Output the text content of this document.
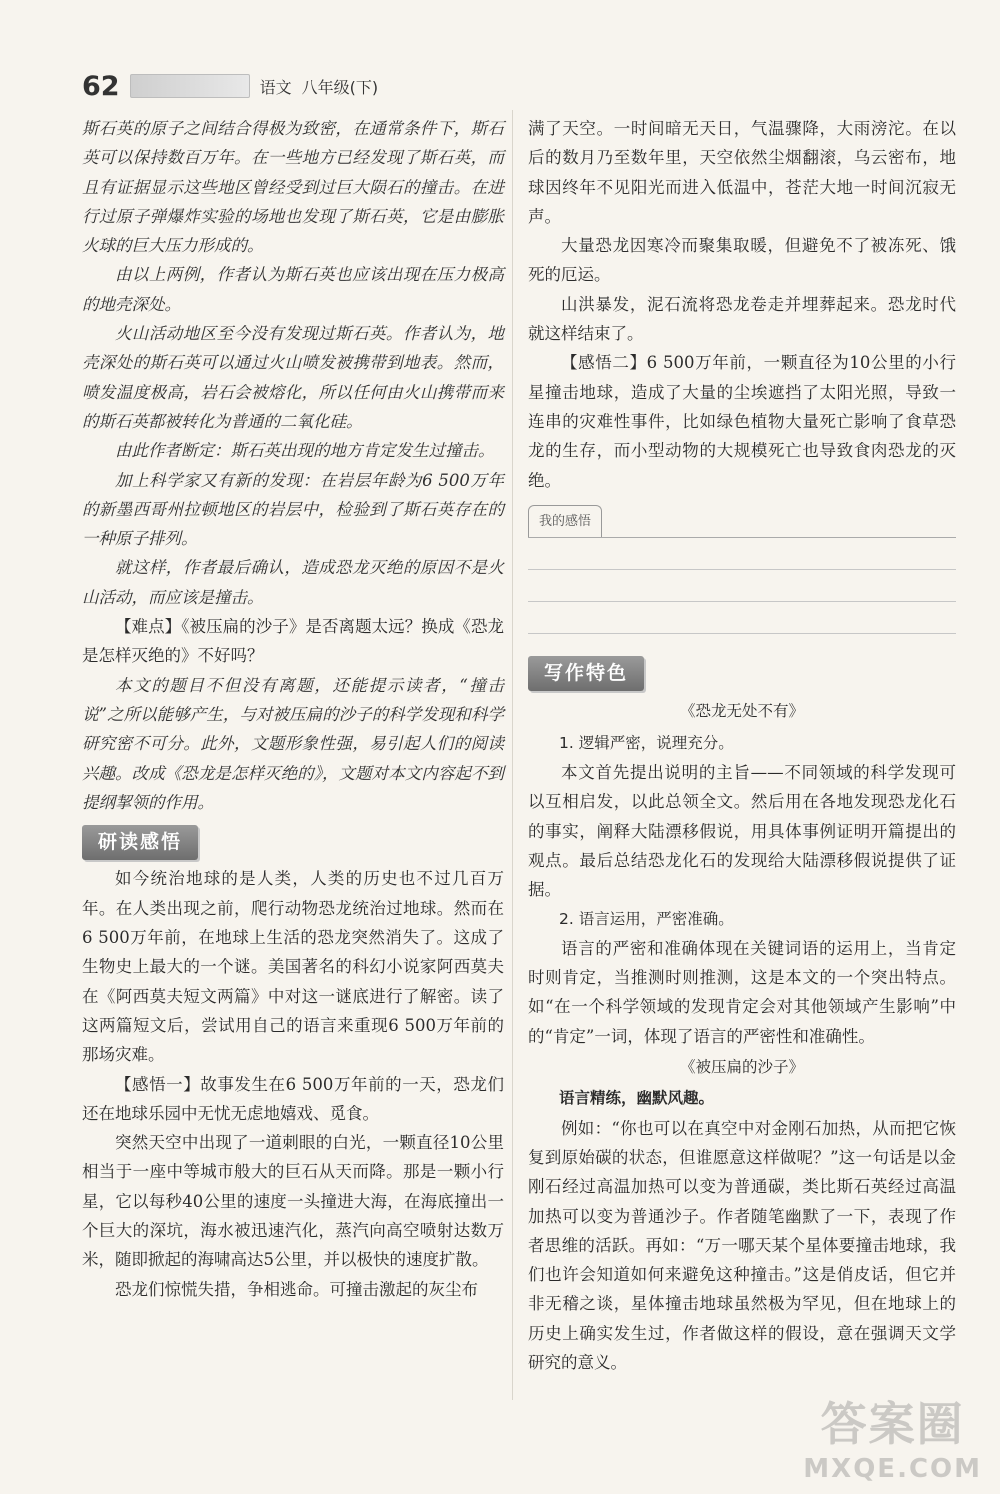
62	语文 八年级(下)

斯石英的原子之间结合得极为致密，在通常条件下，斯石英可以保持数百万年。在一些地方已经发现了斯石英，而且有证据显示这些地区曾经受到过巨大陨石的撞击。在进行过原子弹爆炸实验的场地也发现了斯石英，它是由膨胀火球的巨大压力形成的。

由以上两例，作者认为斯石英也应该出现在压力极高的地壳深处。

火山活动地区至今没有发现过斯石英。作者认为，地壳深处的斯石英可以通过火山喷发被携带到地表。然而，喷发温度极高，岩石会被熔化，所以任何由火山携带而来的斯石英都被转化为普通的二氧化硅。

由此作者断定：斯石英出现的地方肯定发生过撞击。

加上科学家又有新的发现：在岩层年龄为6 500万年的新墨西哥州拉顿地区的岩层中，检验到了斯石英存在的一种原子排列。

就这样，作者最后确认，造成恐龙灭绝的原因不是火山活动，而应该是撞击。

【难点】《被压扁的沙子》是否离题太远？换成《恐龙是怎样灭绝的》不好吗？

本文的题目不但没有离题，还能提示读者，“撞击说”之所以能够产生，与对被压扁的沙子的科学发现和科学研究密不可分。此外，文题形象性强，易引起人们的阅读兴趣。改成《恐龙是怎样灭绝的》，文题对本文内容起不到提纲挈领的作用。

研读感悟

如今统治地球的是人类，人类的历史也不过几百万年。在人类出现之前，爬行动物恐龙统治过地球。然而在6 500万年前，在地球上生活的恐龙突然消失了。这成了生物史上最大的一个谜。美国著名的科幻小说家阿西莫夫在《阿西莫夫短文两篇》中对这一谜底进行了解密。读了这两篇短文后，尝试用自己的语言来重现6 500万年前的那场灾难。

【感悟一】故事发生在6 500万年前的一天，恐龙们还在地球乐园中无忧无虑地嬉戏、觅食。

突然天空中出现了一道刺眼的白光，一颗直径10公里相当于一座中等城市般大的巨石从天而降。那是一颗小行星，它以每秒40公里的速度一头撞进大海，在海底撞出一个巨大的深坑，海水被迅速汽化，蒸汽向高空喷射达数万米，随即掀起的海啸高达5公里，并以极快的速度扩散。

恐龙们惊慌失措，争相逃命。可撞击激起的灰尘布

满了天空。一时间暗无天日，气温骤降，大雨滂沱。在以后的数月乃至数年里，天空依然尘烟翻滚，乌云密布，地球因终年不见阳光而进入低温中，苍茫大地一时间沉寂无声。

大量恐龙因寒冷而聚集取暖，但避免不了被冻死、饿死的厄运。

山洪暴发，泥石流将恐龙卷走并埋葬起来。恐龙时代就这样结束了。

【感悟二】6 500万年前，一颗直径为10公里的小行星撞击地球，造成了大量的尘埃遮挡了太阳光照，导致一连串的灾难性事件，比如绿色植物大量死亡影响了食草恐龙的生存，而小型动物的大规模死亡也导致食肉恐龙的灭绝。

我的感悟
写作特色
《恐龙无处不有》
1. 逻辑严密，说理充分。

本文首先提出说明的主旨——不同领域的科学发现可以互相启发，以此总领全文。然后用在各地发现恐龙化石的事实，阐释大陆漂移假说，用具体事例证明开篇提出的观点。最后总结恐龙化石的发现给大陆漂移假说提供了证据。

2. 语言运用，严密准确。

语言的严密和准确体现在关键词语的运用上，当肯定时则肯定，当推测时则推测，这是本文的一个突出特点。如“在一个科学领域的发现肯定会对其他领域产生影响”中的“肯定”一词，体现了语言的严密性和准确性。

《被压扁的沙子》
语言精练，幽默风趣。

例如：“你也可以在真空中对金刚石加热，从而把它恢复到原始碳的状态，但谁愿意这样做呢？”这一句话是以金刚石经过高温加热可以变为普通碳，类比斯石英经过高温加热可以变为普通沙子。作者随笔幽默了一下，表现了作者思维的活跃。再如：“万一哪天某个星体要撞击地球，我们也许会知道如何来避免这种撞击。”这是俏皮话，但它并非无稽之谈，星体撞击地球虽然极为罕见，但在地球上的历史上确实发生过，作者做这样的假设，意在强调天文学研究的意义。

答案圈
MXQE.COM
